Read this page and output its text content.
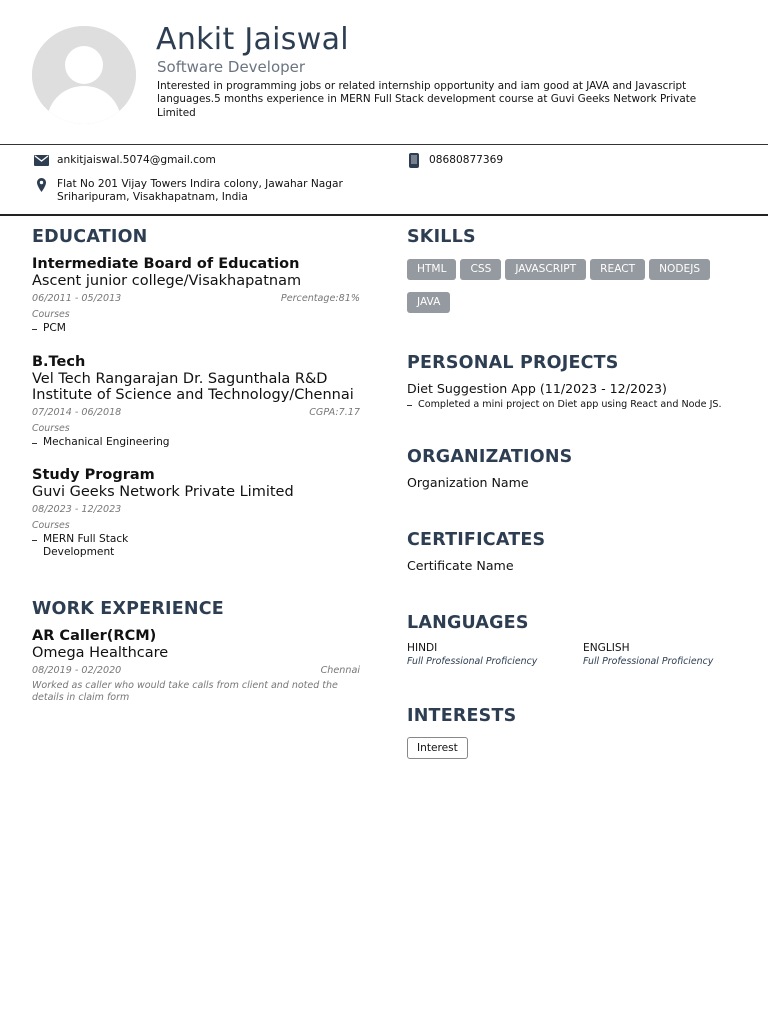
Ankit Jaiswal
Software Developer
Interested in programming jobs or related internship opportunity and iam good at JAVA and Javascript languages.5 months experience in MERN Full Stack development course at Guvi Geeks Network Private Limited
ankitjaiswal.5074@gmail.com	08680877369
Flat No 201 Vijay Towers Indira colony, Jawahar Nagar
Sriharipuram, Visakhapatnam, India
EDUCATION
Intermediate Board of Education
Ascent junior college/Visakhapatnam
06/2011 - 05/2013	Percentage:81%
Courses
PCM
B.Tech
Vel Tech Rangarajan Dr. Sagunthala R&D Institute of Science and Technology/Chennai
07/2014 - 06/2018	CGPA:7.17
Courses
Mechanical Engineering
Study Program
Guvi Geeks Network Private Limited
08/2023 - 12/2023
Courses
MERN Full Stack Development
WORK EXPERIENCE
AR Caller(RCM)
Omega Healthcare
08/2019 - 02/2020	Chennai
Worked as caller who would take calls from client and noted the details in claim form
SKILLS
HTML CSS JAVASCRIPT REACT NODEJSJAVA
PERSONAL PROJECTS
Diet Suggestion App (11/2023 - 12/2023)
Completed a mini project on Diet app using React and Node JS.
ORGANIZATIONS
Organization Name
CERTIFICATES
Certificate Name
LANGUAGES
HINDI
Full Professional Proficiency
ENGLISH
Full Professional Proficiency
INTERESTS
Interest
